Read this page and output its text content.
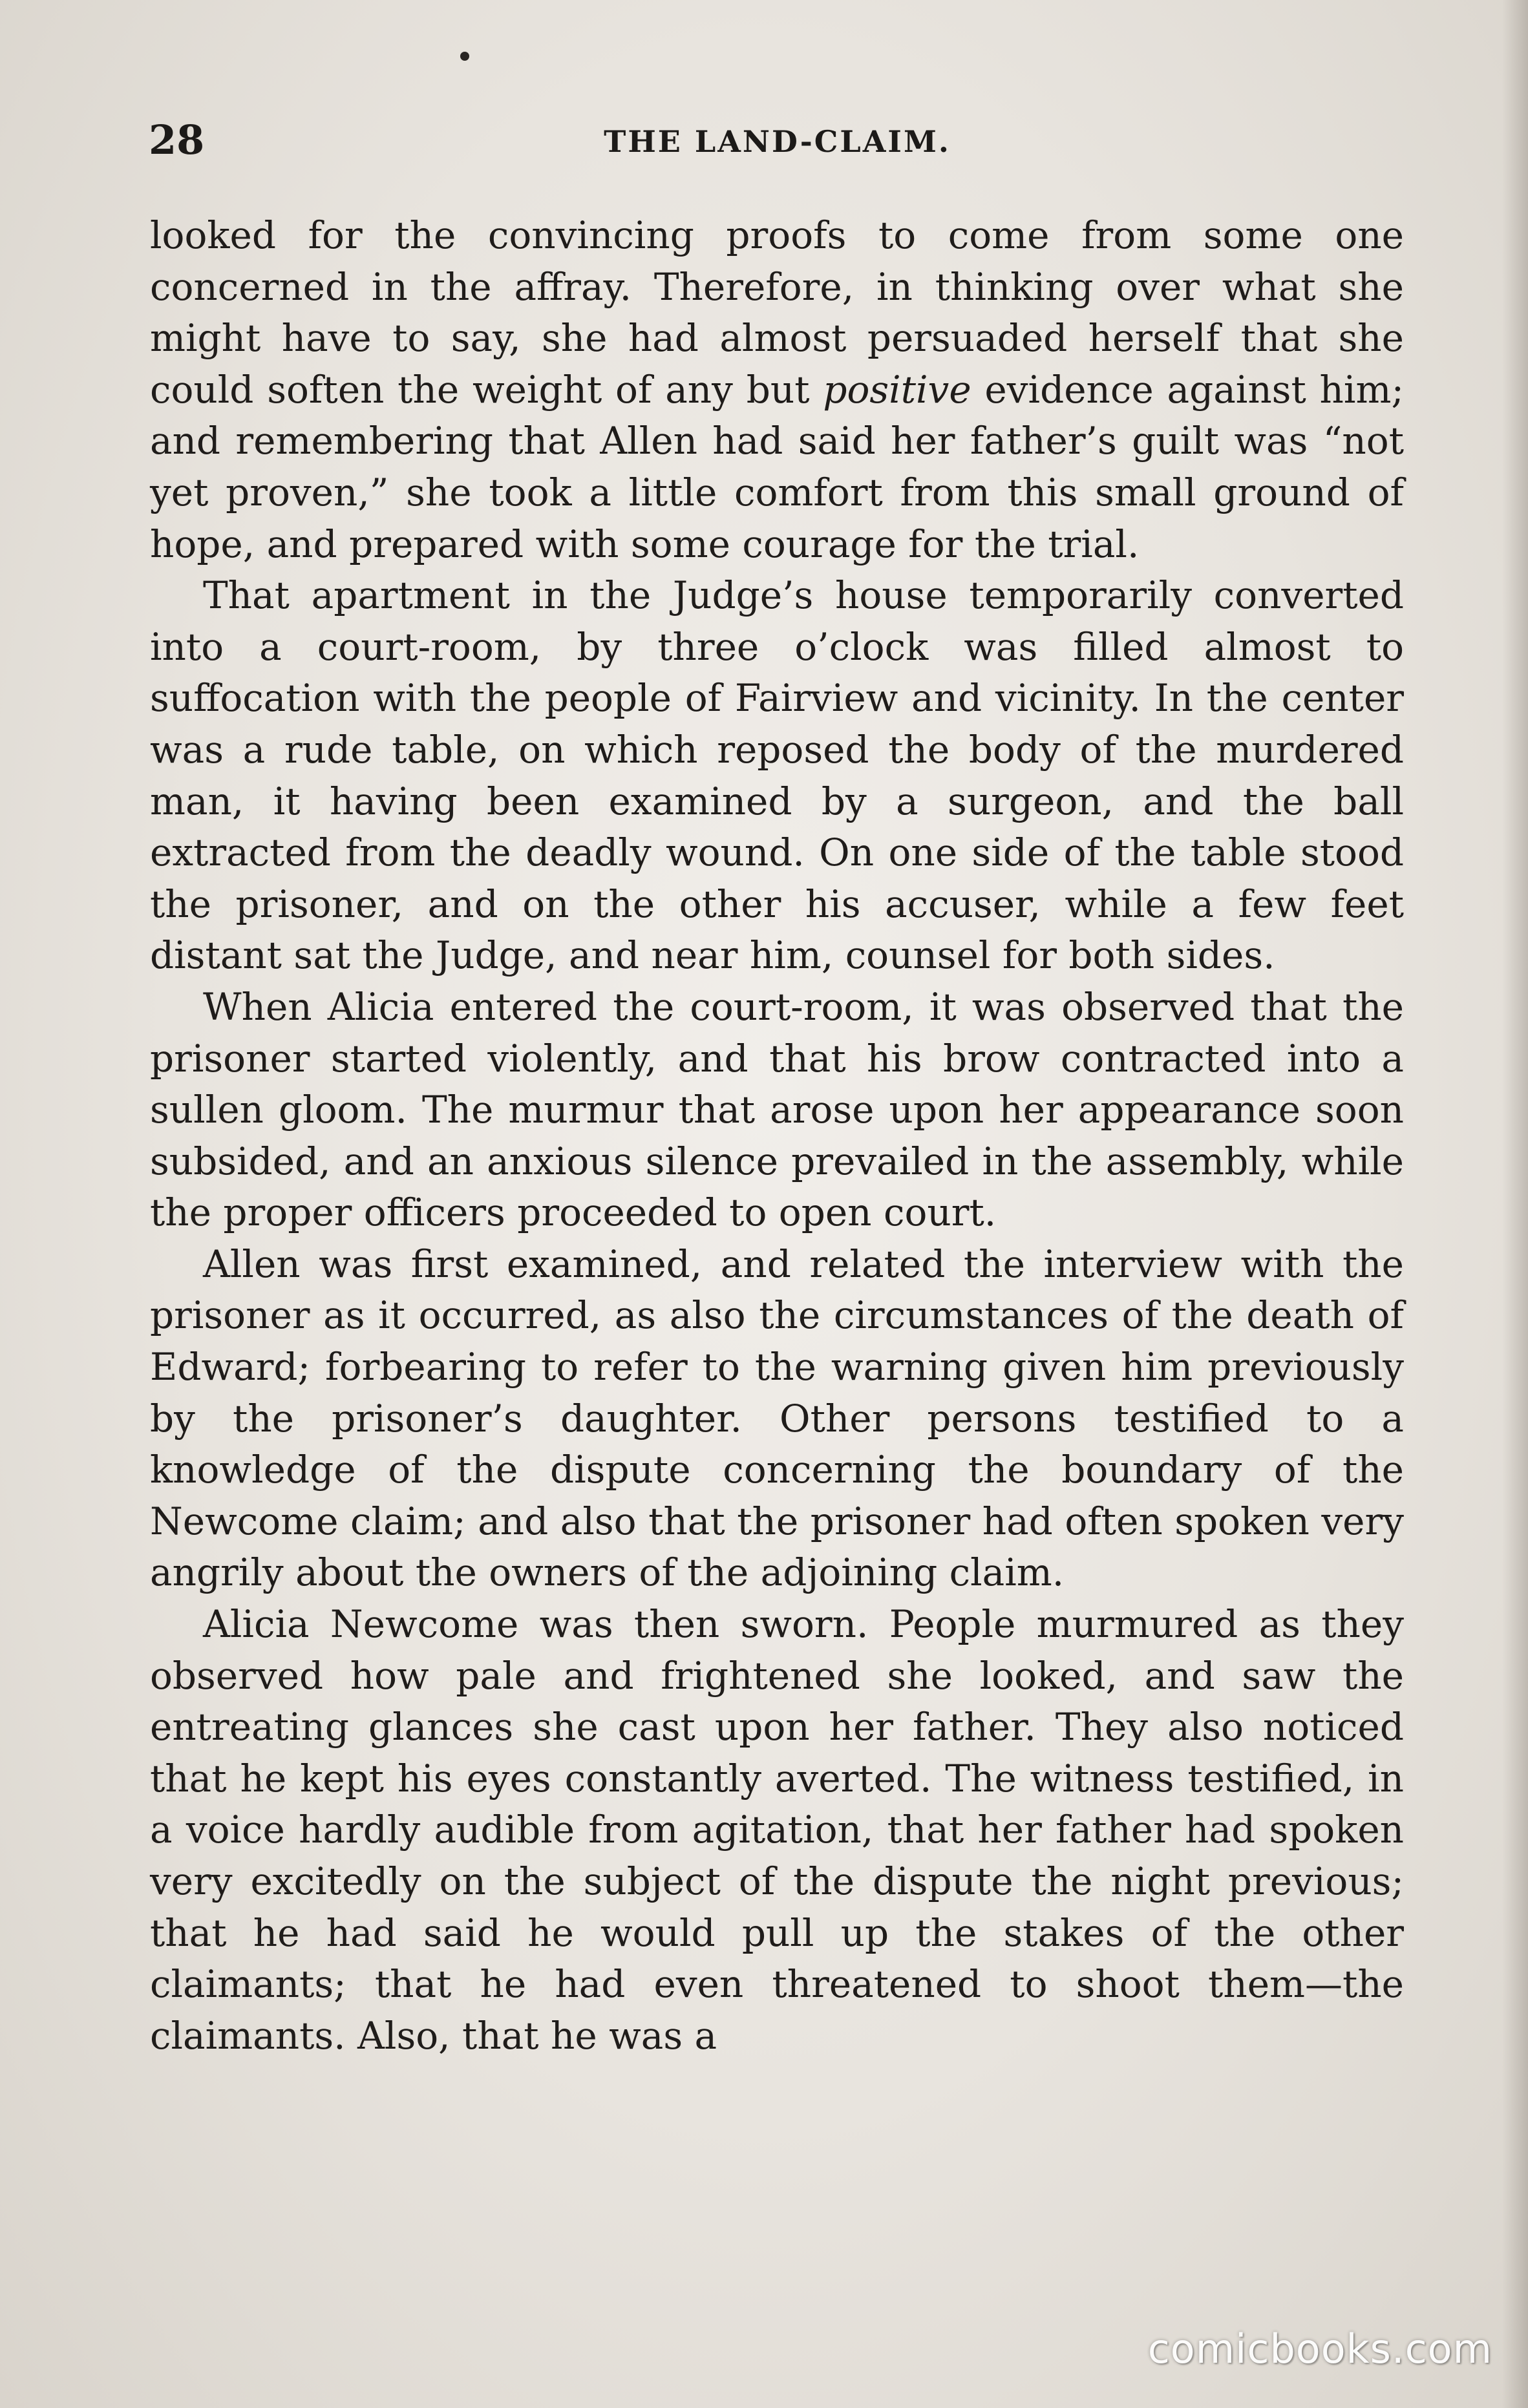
28	THE LAND-CLAIM.

looked for the convincing proofs to come from some one concerned in the affray. Therefore, in thinking over what she might have to say, she had almost persuaded herself that she could soften the weight of any but positive evidence against him; and remembering that Allen had said her father’s guilt was “not yet proven,” she took a little comfort from this small ground of hope, and prepared with some courage for the trial.

That apartment in the Judge’s house temporarily converted into a court-room, by three o’clock was filled almost to suffocation with the people of Fairview and vicinity. In the center was a rude table, on which reposed the body of the murdered man, it having been examined by a surgeon, and the ball extracted from the deadly wound. On one side of the table stood the prisoner, and on the other his accuser, while a few feet distant sat the Judge, and near him, counsel for both sides.

When Alicia entered the court-room, it was observed that the prisoner started violently, and that his brow contracted into a sullen gloom. The murmur that arose upon her appearance soon subsided, and an anxious silence prevailed in the assembly, while the proper officers proceeded to open court.

Allen was first examined, and related the interview with the prisoner as it occurred, as also the circumstances of the death of Edward; forbearing to refer to the warning given him previously by the prisoner’s daughter. Other persons testified to a knowledge of the dispute concerning the boundary of the Newcome claim; and also that the prisoner had often spoken very angrily about the owners of the adjoining claim.

Alicia Newcome was then sworn. People murmured as they observed how pale and frightened she looked, and saw the entreating glances she cast upon her father. They also noticed that he kept his eyes constantly averted. The witness testified, in a voice hardly audible from agitation, that her father had spoken very excitedly on the subject of the dispute the night previous; that he had said he would pull up the stakes of the other claimants; that he had even threatened to shoot them—the claimants. Also, that he was a

comicbooks.com
